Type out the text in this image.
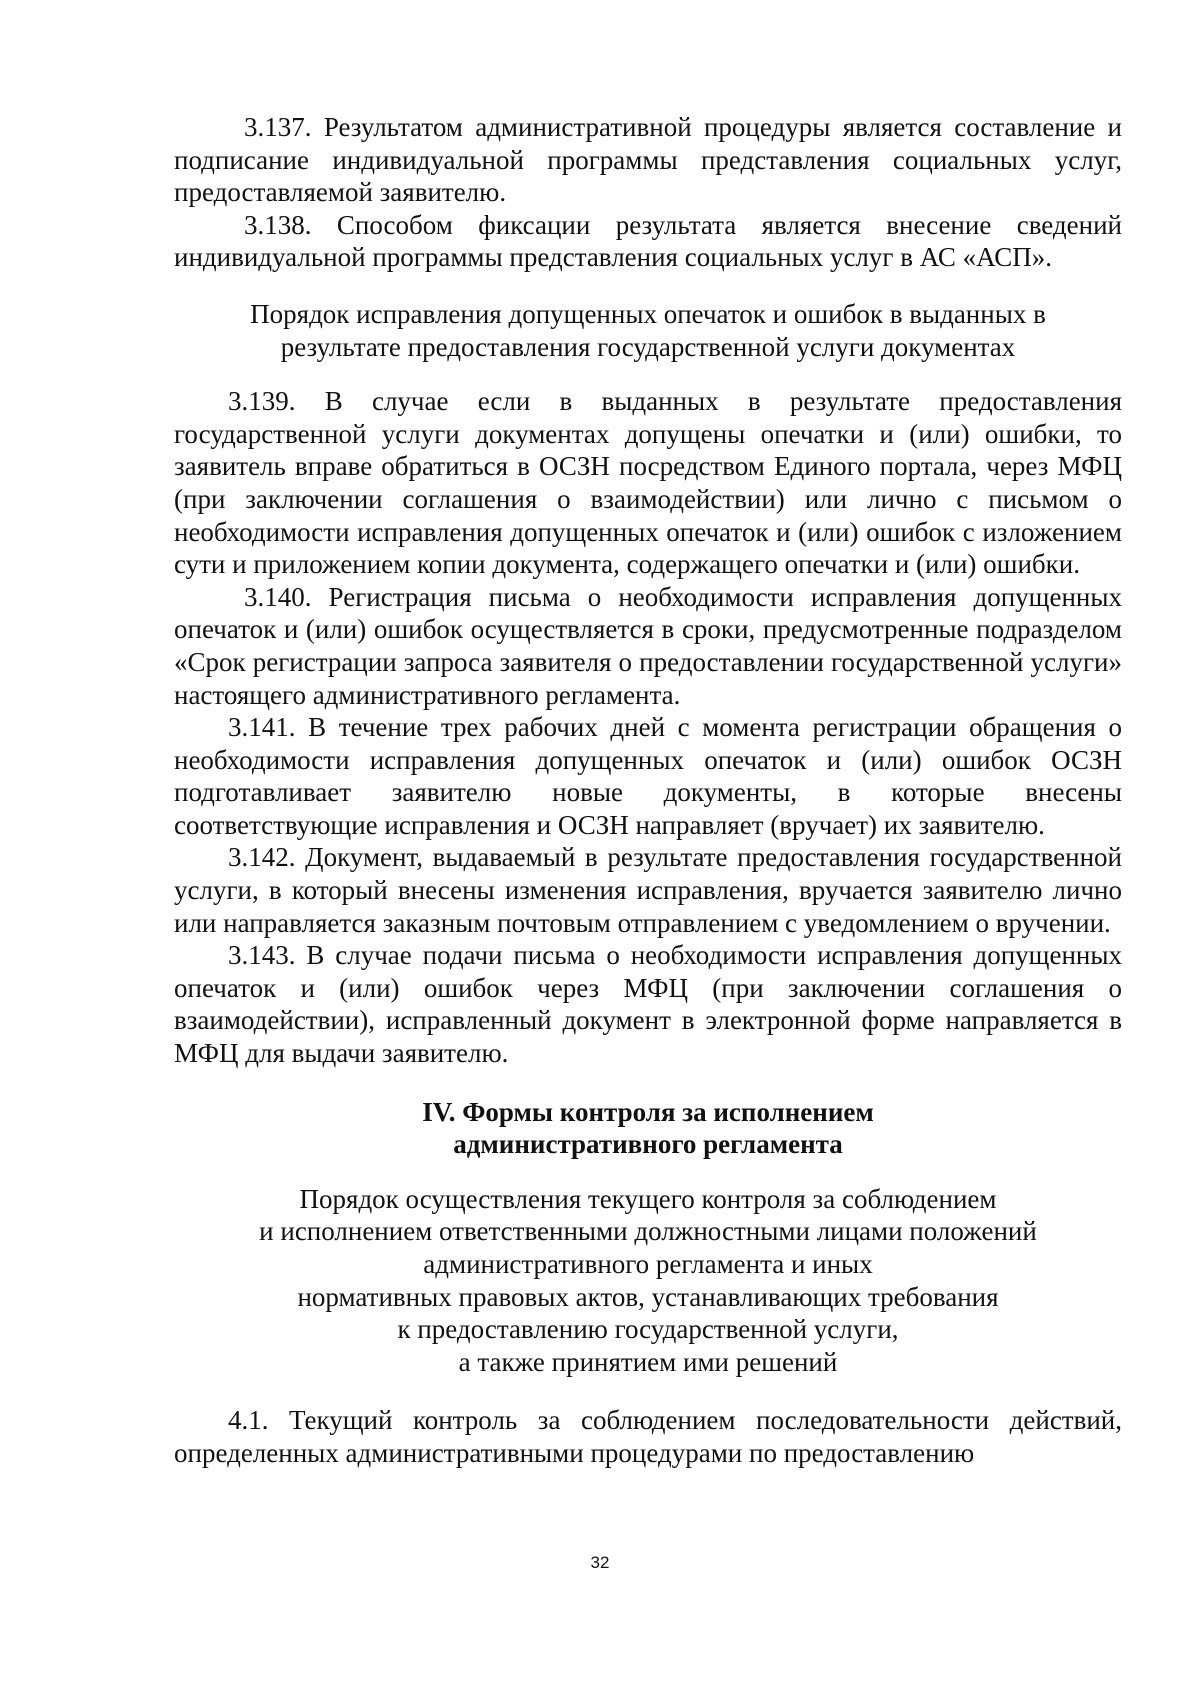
3.137. Результатом административной процедуры является составление и подписание индивидуальной программы представления социальных услуг, предоставляемой заявителю.

3.138. Способом фиксации результата является внесение сведений индивидуальной программы представления социальных услуг в АС «АСП».

Порядок исправления допущенных опечаток и ошибок в выданных в
результате предоставления государственной услуги документах

3.139. В случае если в выданных в результате предоставления государственной услуги документах допущены опечатки и (или) ошибки, то заявитель вправе обратиться в ОСЗН посредством Единого портала, через МФЦ (при заключении соглашения о взаимодействии) или лично с письмом о необходимости исправления допущенных опечаток и (или) ошибок с изложением сути и приложением копии документа, содержащего опечатки и (или) ошибки.

3.140. Регистрация письма о необходимости исправления допущенных опечаток и (или) ошибок осуществляется в сроки, предусмотренные подразделом «Срок регистрации запроса заявителя о предоставлении государственной услуги» настоящего административного регламента.

3.141. В течение трех рабочих дней с момента регистрации обращения о необходимости исправления допущенных опечаток и (или) ошибок ОСЗН подготавливает заявителю новые документы, в которые внесены соответствующие исправления и ОСЗН направляет (вручает) их заявителю.

3.142. Документ, выдаваемый в результате предоставления государственной услуги, в который внесены изменения исправления, вручается заявителю лично или направляется заказным почтовым отправлением с уведомлением о вручении.

3.143. В случае подачи письма о необходимости исправления допущенных опечаток и (или) ошибок через МФЦ (при заключении соглашения о взаимодействии), исправленный документ в электронной форме направляется в МФЦ для выдачи заявителю.

IV. Формы контроля за исполнением
административного регламента
Порядок осуществления текущего контроля за соблюдением
и исполнением ответственными должностными лицами положений
административного регламента и иных
нормативных правовых актов, устанавливающих требования
к предоставлению государственной услуги,
а также принятием ими решений

4.1. Текущий контроль за соблюдением последовательности действий, определенных административными процедурами по предоставлению

32
